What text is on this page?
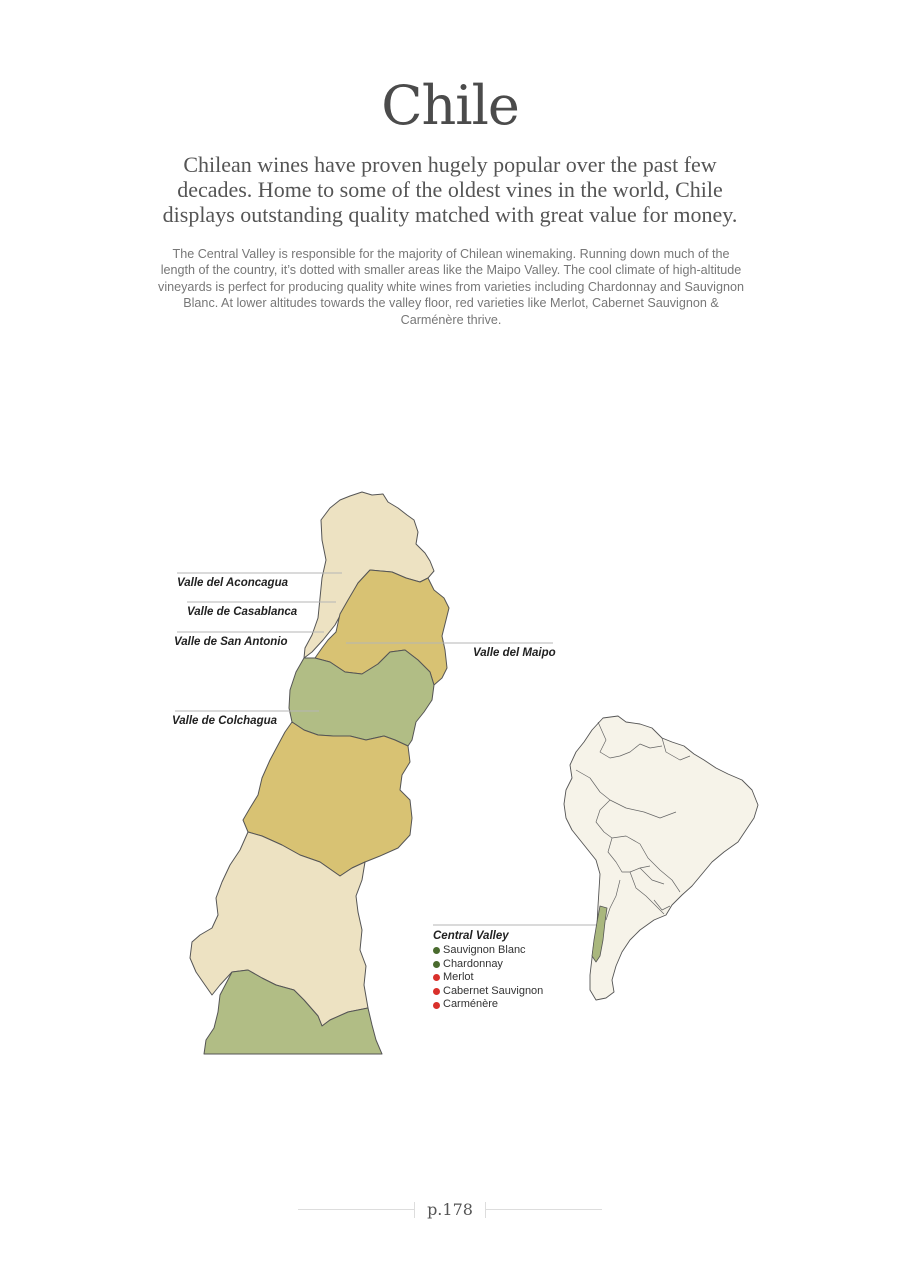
Chile
Chilean wines have proven hugely popular over the past few decades. Home to some of the oldest vines in the world, Chile displays outstanding quality matched with great value for money.
The Central Valley is responsible for the majority of Chilean winemaking. Running down much of the length of the country, it’s dotted with smaller areas like the Maipo Valley. The cool climate of high-altitude vineyards is perfect for producing quality white wines from varieties including Chardonnay and Sauvignon Blanc. At lower altitudes towards the valley floor, red varieties like Merlot, Cabernet Sauvignon & Carménère thrive.
Valle del Aconcagua
Valle de Casablanca
Valle de San Antonio
Valle del Maipo
Valle de Colchagua
Central Valley
Sauvignon Blanc
Chardonnay
Merlot
Cabernet Sauvignon
Carménère
p.178
